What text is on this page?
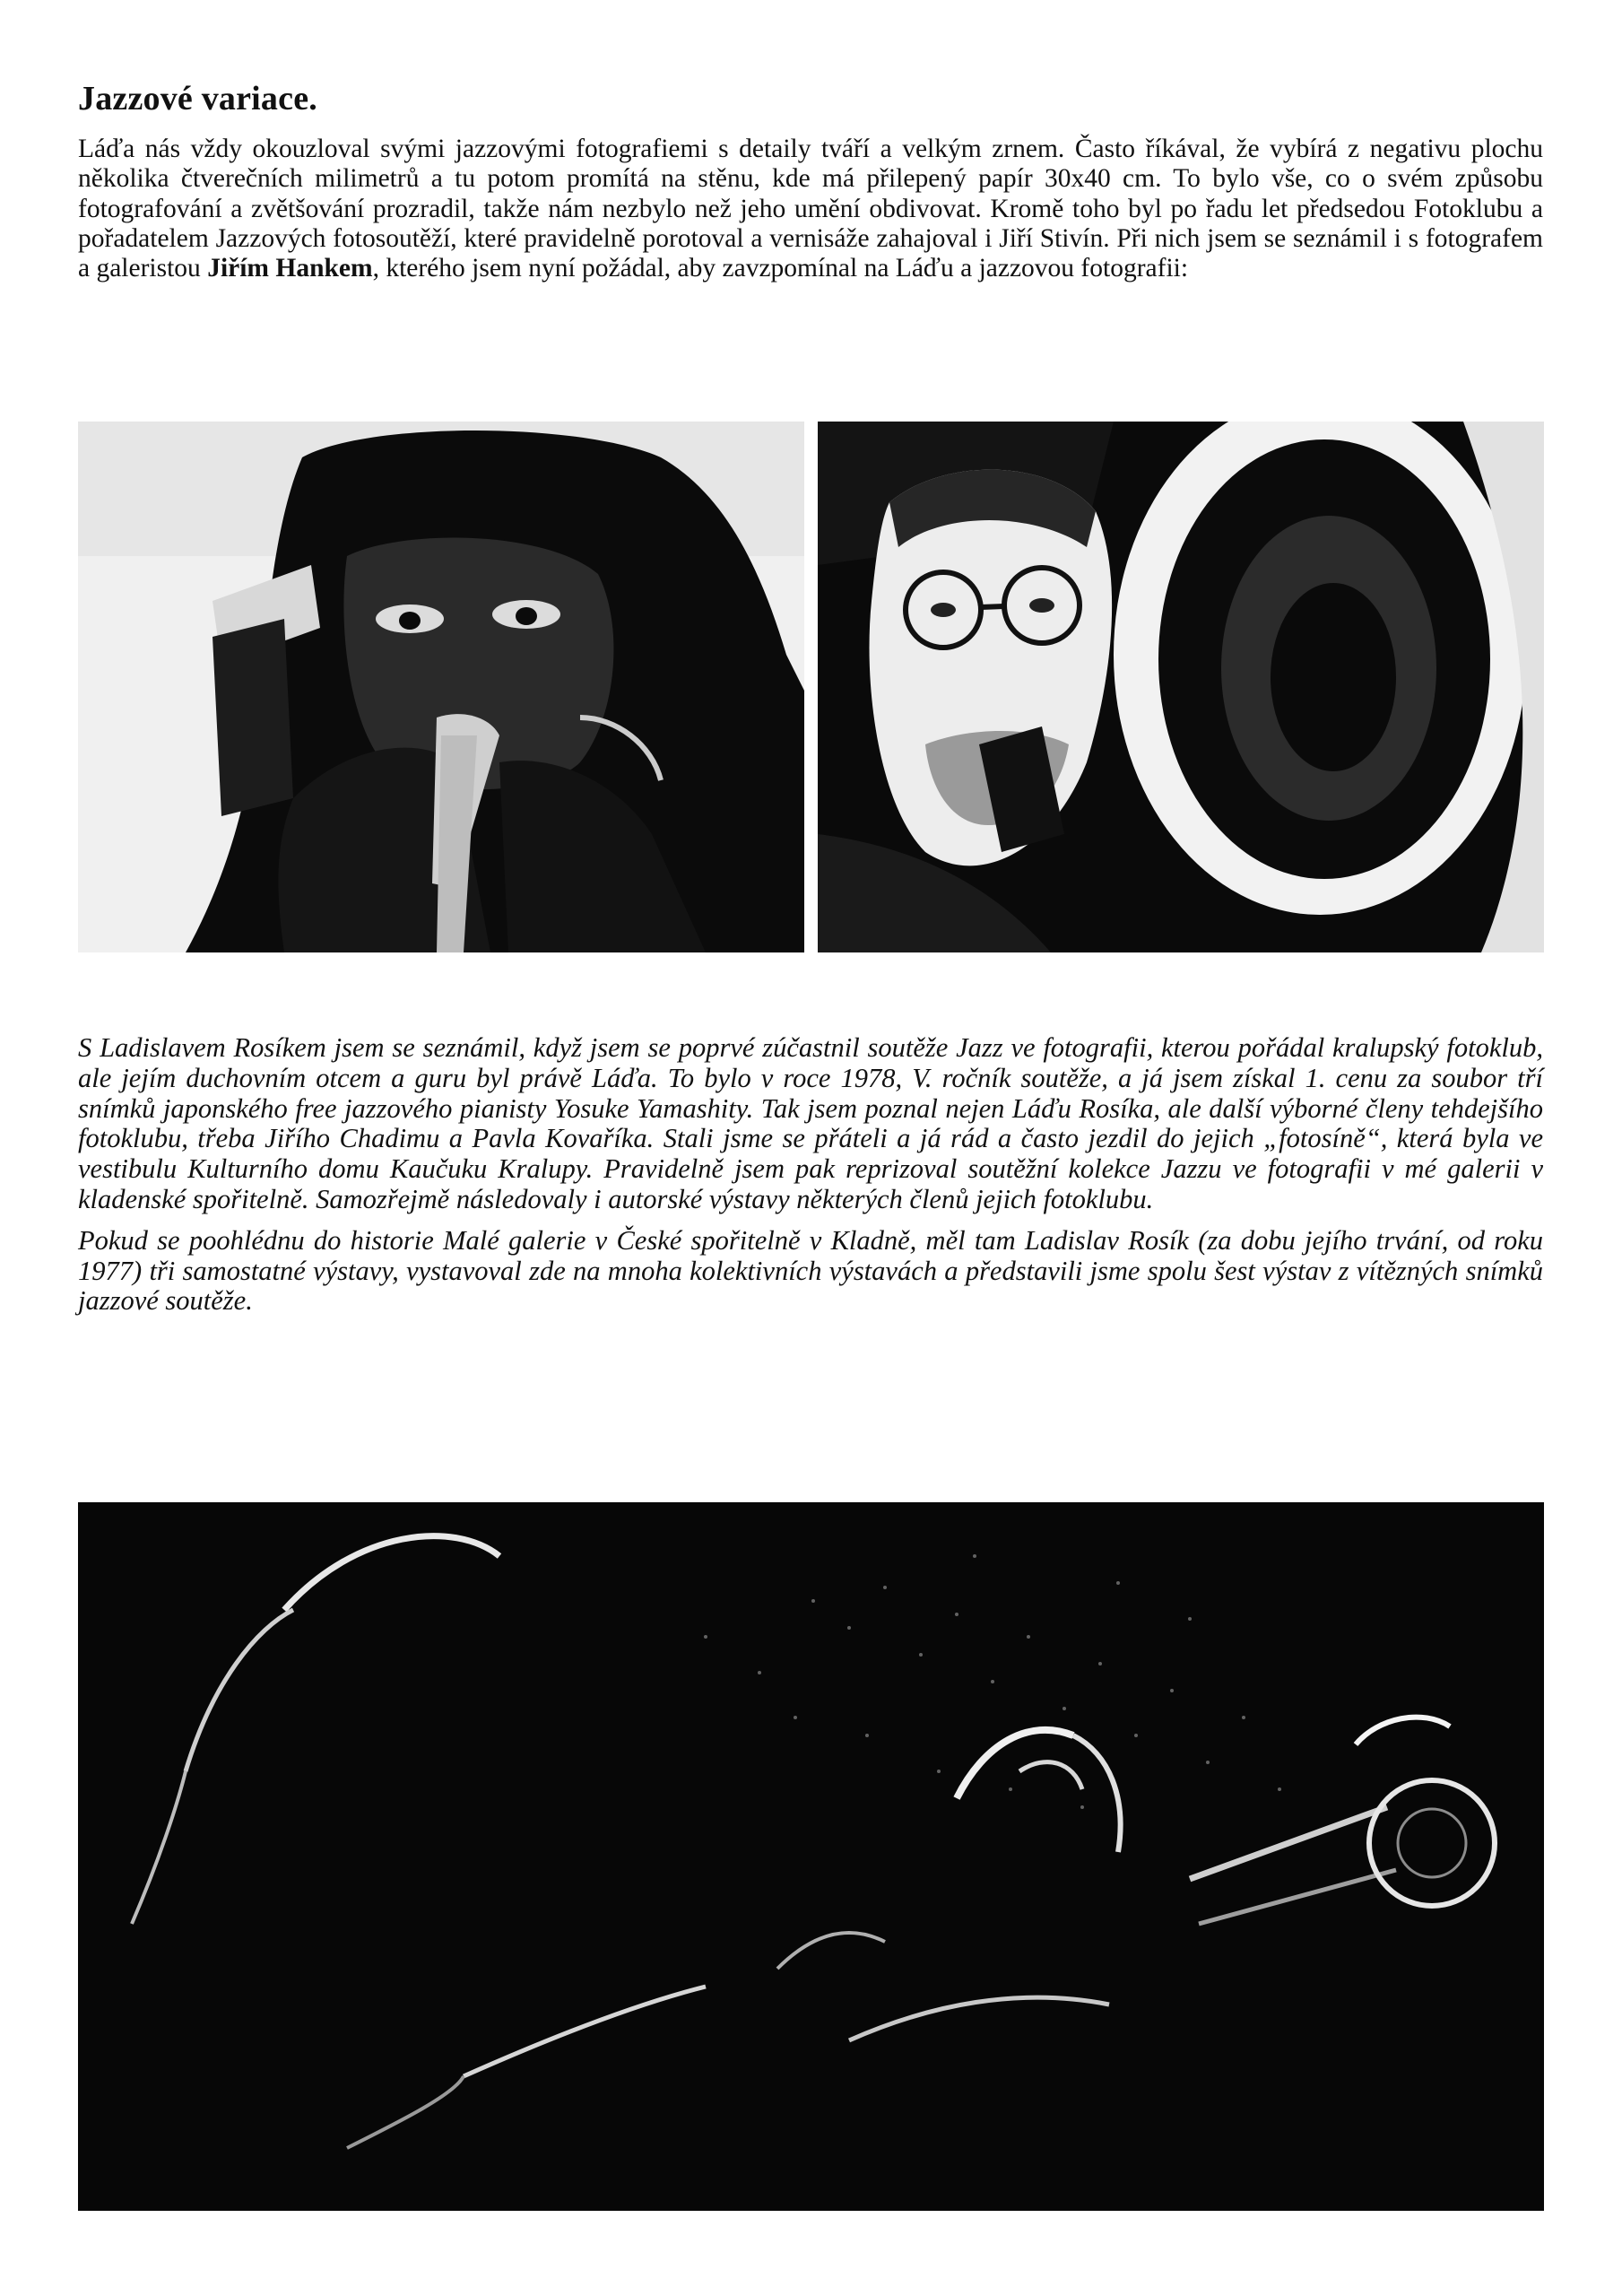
Jazzové variace.

Láďa nás vždy okouzloval svými jazzovými fotografiemi s detaily tváří a velkým zrnem. Často říkával, že vybírá z negativu plochu několika čtverečních milimetrů a tu potom promítá na stěnu, kde má přilepený papír 30x40 cm. To bylo vše, co o svém způsobu fotografování a zvětšování prozradil, takže nám nezbylo než jeho umění obdivovat. Kromě toho byl po řadu let předsedou Fotoklubu a pořadatelem Jazzových fotosoutěží, které pravidelně porotoval a vernisáže zahajoval i Jiří Stivín. Při nich jsem se seznámil i s fotografem a galeristou Jiřím Hankem, kterého jsem nyní požádal, aby zavzpomínal na Láďu a jazzovou fotografii:

S Ladislavem Rosíkem jsem se seznámil, když jsem se poprvé zúčastnil soutěže Jazz ve fotografii, kterou pořádal kralupský fotoklub, ale jejím duchovním otcem a guru byl právě Láďa. To bylo v roce 1978, V. ročník soutěže, a já jsem získal 1. cenu za soubor tří snímků japonského free jazzového pianisty Yosuke Yamashity. Tak jsem poznal nejen Láďu Rosíka, ale další výborné členy tehdejšího fotoklubu, třeba Jiřího Chadimu a Pavla Kovaříka. Stali jsme se přáteli a já rád a často jezdil do jejich „fotosíně“, která byla ve vestibulu Kulturního domu Kaučuku Kralupy. Pravidelně jsem pak reprizoval soutěžní kolekce Jazzu ve fotografii v mé galerii v kladenské spořitelně. Samozřejmě následovaly i autorské výstavy některých členů jejich fotoklubu.

Pokud se poohlédnu do historie Malé galerie v České spořitelně v Kladně, měl tam Ladislav Rosík (za dobu jejího trvání, od roku 1977) tři samostatné výstavy, vystavoval zde na mnoha kolektivních výstavách a představili jsme spolu šest výstav z vítězných snímků jazzové soutěže.
